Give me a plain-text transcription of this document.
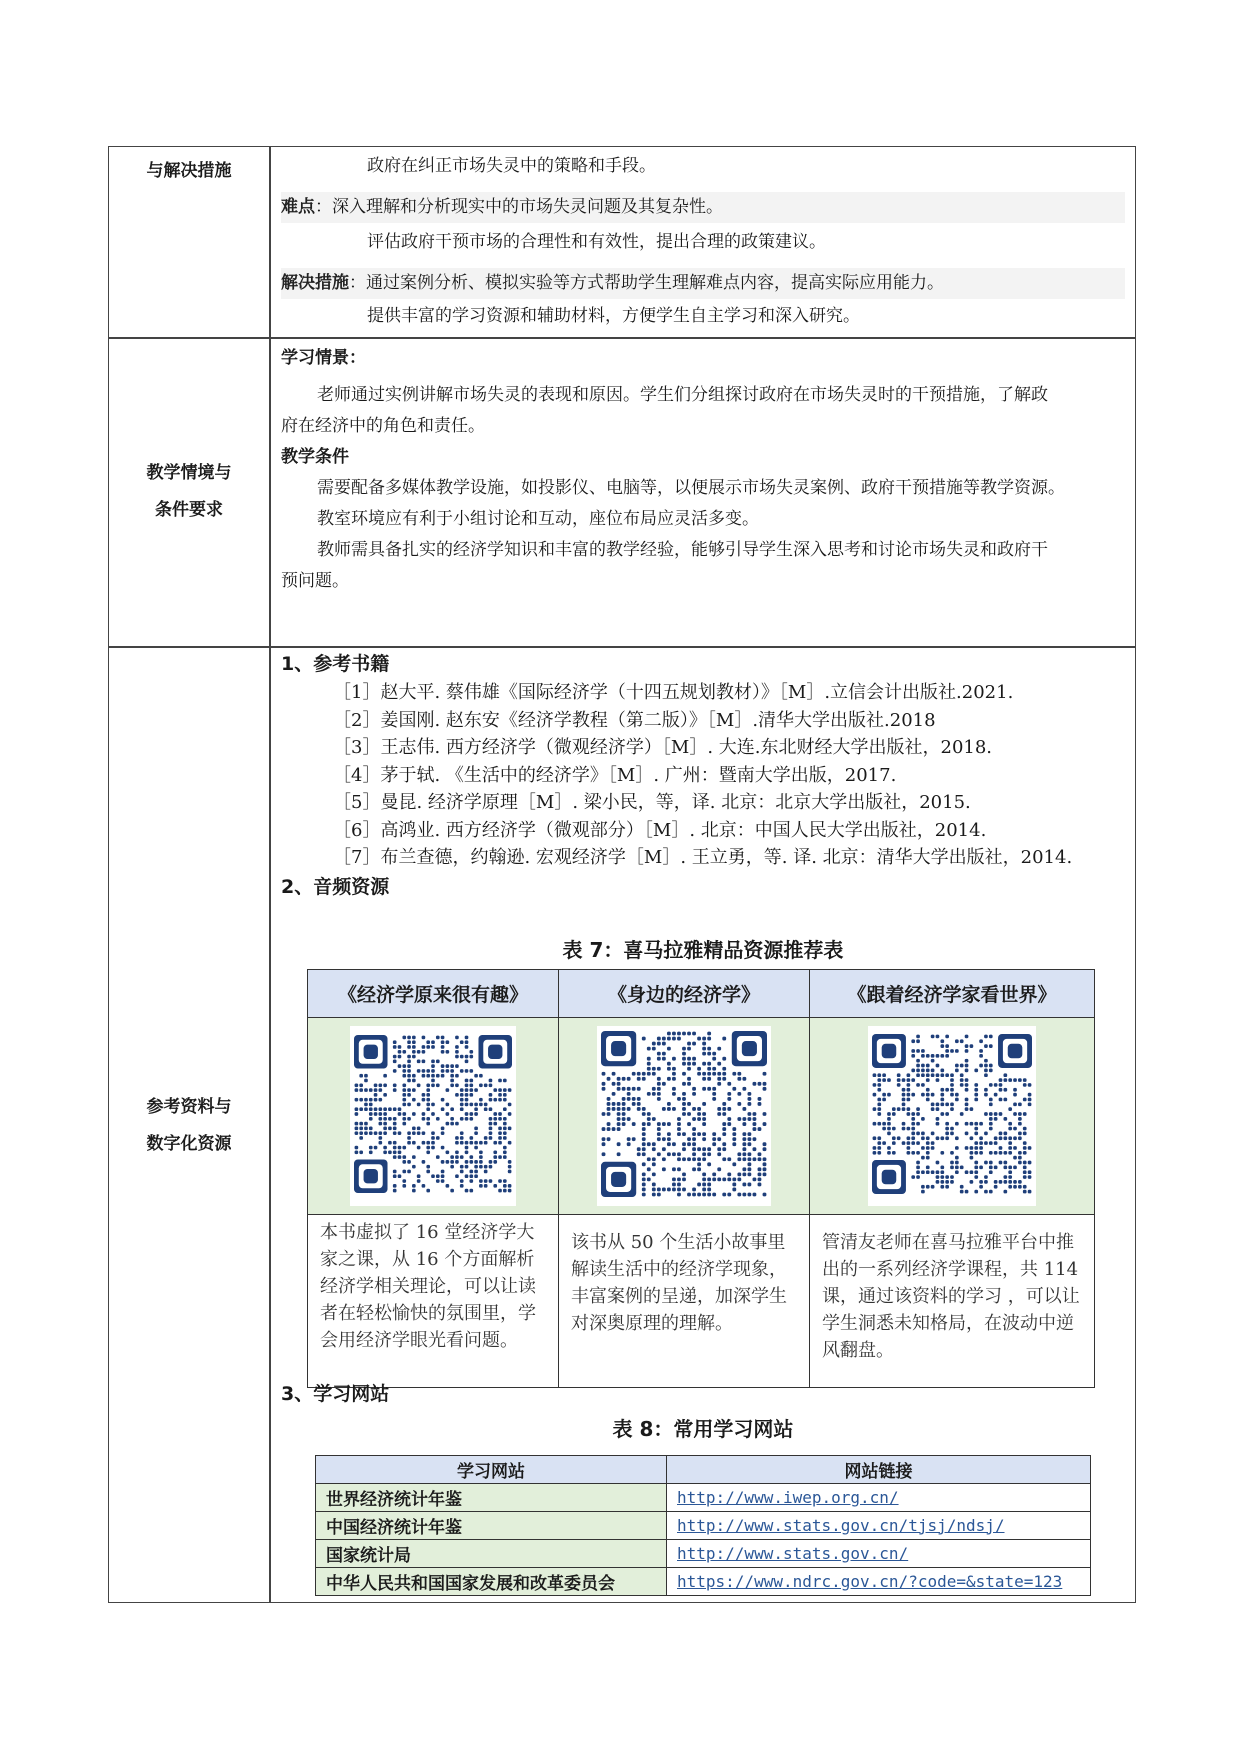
与解决措施	政府在纠正市场失灵中的策略和手段。
难点：深入理解和分析现实中的市场失灵问题及其复杂性。
评估政府干预市场的合理性和有效性，提出合理的政策建议。
解决措施：通过案例分析、模拟实验等方式帮助学生理解难点内容，提高实际应用能力。
提供丰富的学习资源和辅助材料，方便学生自主学习和深入研究。
教学情境与
条件要求
学习情景：
老师通过实例讲解市场失灵的表现和原因。学生们分组探讨政府在市场失灵时的干预措施，了解政
府在经济中的角色和责任。
教学条件
需要配备多媒体教学设施，如投影仪、电脑等，以便展示市场失灵案例、政府干预措施等教学资源。
教室环境应有利于小组讨论和互动，座位布局应灵活多变。
教师需具备扎实的经济学知识和丰富的教学经验，能够引导学生深入思考和讨论市场失灵和政府干
预问题。
参考资料与
数字化资源
1、参考书籍
［1］赵大平. 蔡伟雄《国际经济学（十四五规划教材）》［M］.立信会计出版社.2021.
［2］姜国刚. 赵东安《经济学教程（第二版）》［M］.清华大学出版社.2018
［3］王志伟. 西方经济学（微观经济学）［M］. 大连.东北财经大学出版社，2018.
［4］茅于轼. 《生活中的经济学》［M］. 广州：暨南大学出版，2017.
［5］曼昆. 经济学原理［M］. 梁小民，等，译. 北京：北京大学出版社，2015.
［6］高鸿业. 西方经济学（微观部分）［M］. 北京：中国人民大学出版社，2014.
［7］布兰查德，约翰逊. 宏观经济学［M］. 王立勇，等. 译. 北京：清华大学出版社，2014.
2、音频资源
表 7：喜马拉雅精品资源推荐表
《经济学原来很有趣》	《身边的经济学》	《跟着经济学家看世界》

本书虚拟了 16 堂经济学大家之课，从 16 个方面解析经济学相关理论，可以让读者在轻松愉快的氛围里，学会用经济学眼光看问题。	该书从 50 个生活小故事里解读生活中的经济学现象，丰富案例的呈递，加深学生对深奥原理的理解。	管清友老师在喜马拉雅平台中推出的一系列经济学课程，共 114 课，通过该资料的学习 ，可以让学生洞悉未知格局，在波动中逆风翻盘。
3、学习网站
表 8：常用学习网站
学习网站	网站链接
世界经济统计年鉴	http://www.iwep.org.cn/
中国经济统计年鉴	http://www.stats.gov.cn/tjsj/ndsj/
国家统计局	http://www.stats.gov.cn/
中华人民共和国国家发展和改革委员会	https://www.ndrc.gov.cn/?code=&state=123
